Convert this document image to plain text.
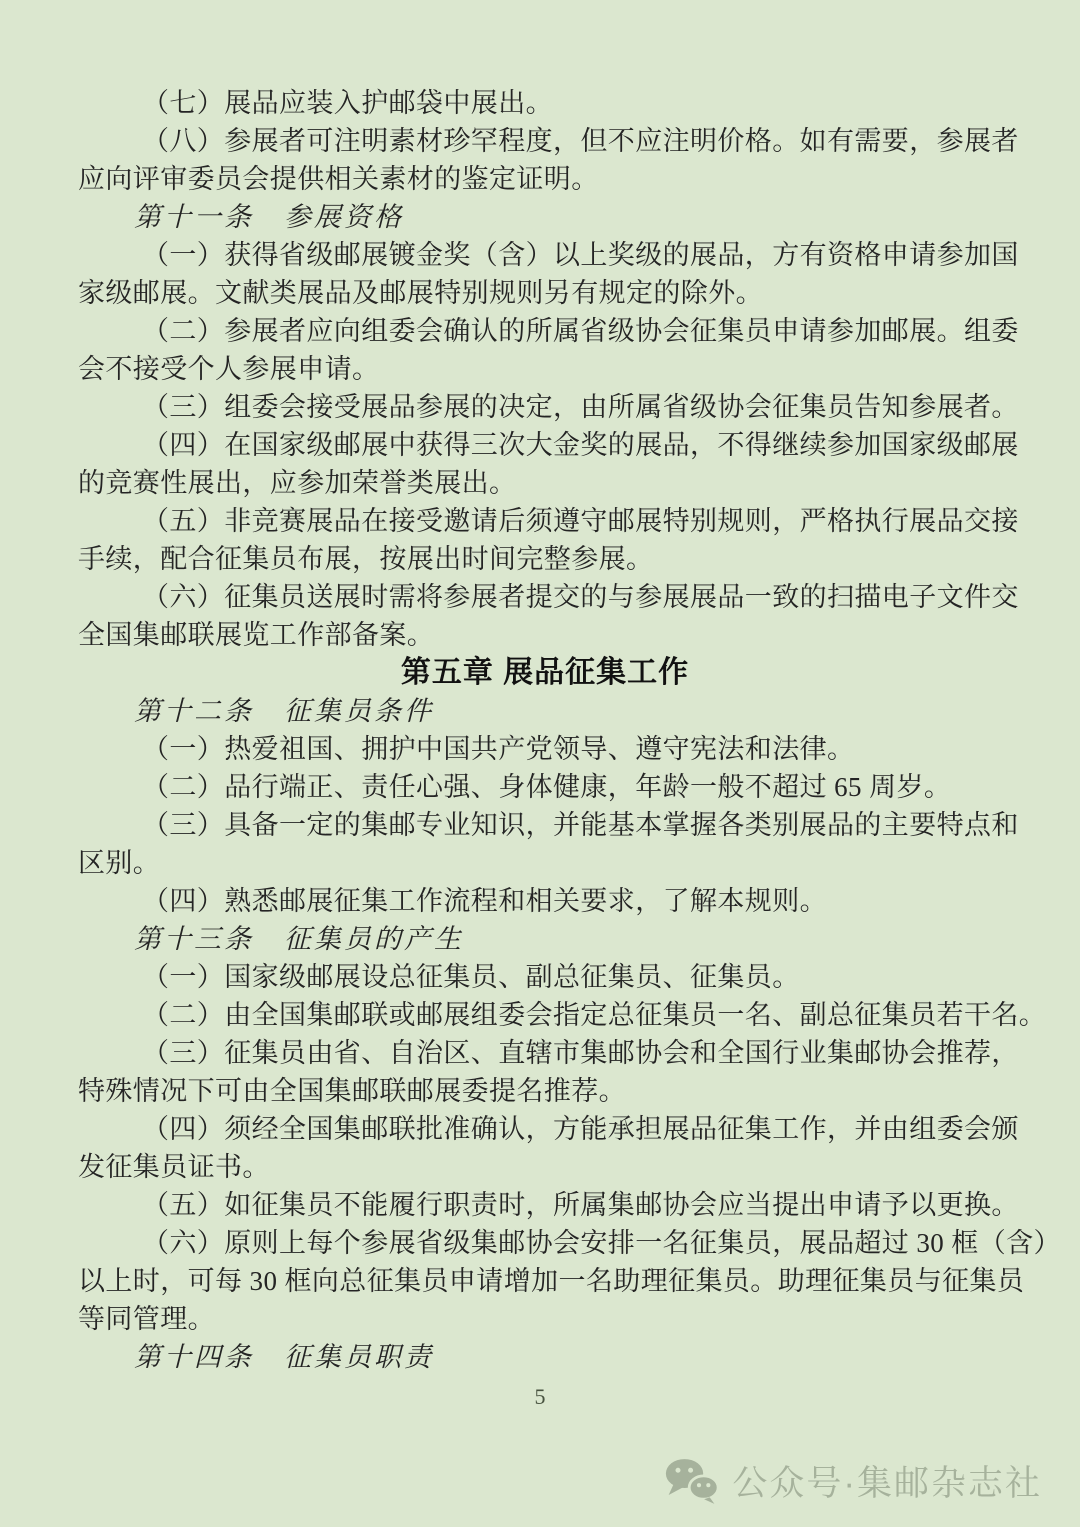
（七）展品应装入护邮袋中展出。
（八）参展者可注明素材珍罕程度，但不应注明价格。如有需要，参展者
应向评审委员会提供相关素材的鉴定证明。
第十一条　参展资格
（一）获得省级邮展镀金奖（含）以上奖级的展品，方有资格申请参加国
家级邮展。文献类展品及邮展特别规则另有规定的除外。
（二）参展者应向组委会确认的所属省级协会征集员申请参加邮展。组委
会不接受个人参展申请。
（三）组委会接受展品参展的决定，由所属省级协会征集员告知参展者。
（四）在国家级邮展中获得三次大金奖的展品，不得继续参加国家级邮展
的竞赛性展出，应参加荣誉类展出。
（五）非竞赛展品在接受邀请后须遵守邮展特别规则，严格执行展品交接
手续，配合征集员布展，按展出时间完整参展。
（六）征集员送展时需将参展者提交的与参展展品一致的扫描电子文件交
全国集邮联展览工作部备案。
第五章 展品征集工作
第十二条　征集员条件
（一）热爱祖国、拥护中国共产党领导、遵守宪法和法律。
（二）品行端正、责任心强、身体健康，年龄一般不超过 65 周岁。
（三）具备一定的集邮专业知识，并能基本掌握各类别展品的主要特点和
区别。
（四）熟悉邮展征集工作流程和相关要求，了解本规则。
第十三条　征集员的产生
（一）国家级邮展设总征集员、副总征集员、征集员。
（二）由全国集邮联或邮展组委会指定总征集员一名、副总征集员若干名。
（三）征集员由省、自治区、直辖市集邮协会和全国行业集邮协会推荐，
特殊情况下可由全国集邮联邮展委提名推荐。
（四）须经全国集邮联批准确认，方能承担展品征集工作，并由组委会颁
发征集员证书。
（五）如征集员不能履行职责时，所属集邮协会应当提出申请予以更换。
（六）原则上每个参展省级集邮协会安排一名征集员，展品超过 30 框（含）
以上时，可每 30 框向总征集员申请增加一名助理征集员。助理征集员与征集员
等同管理。
第十四条　征集员职责
5
公众号·集邮杂志社
